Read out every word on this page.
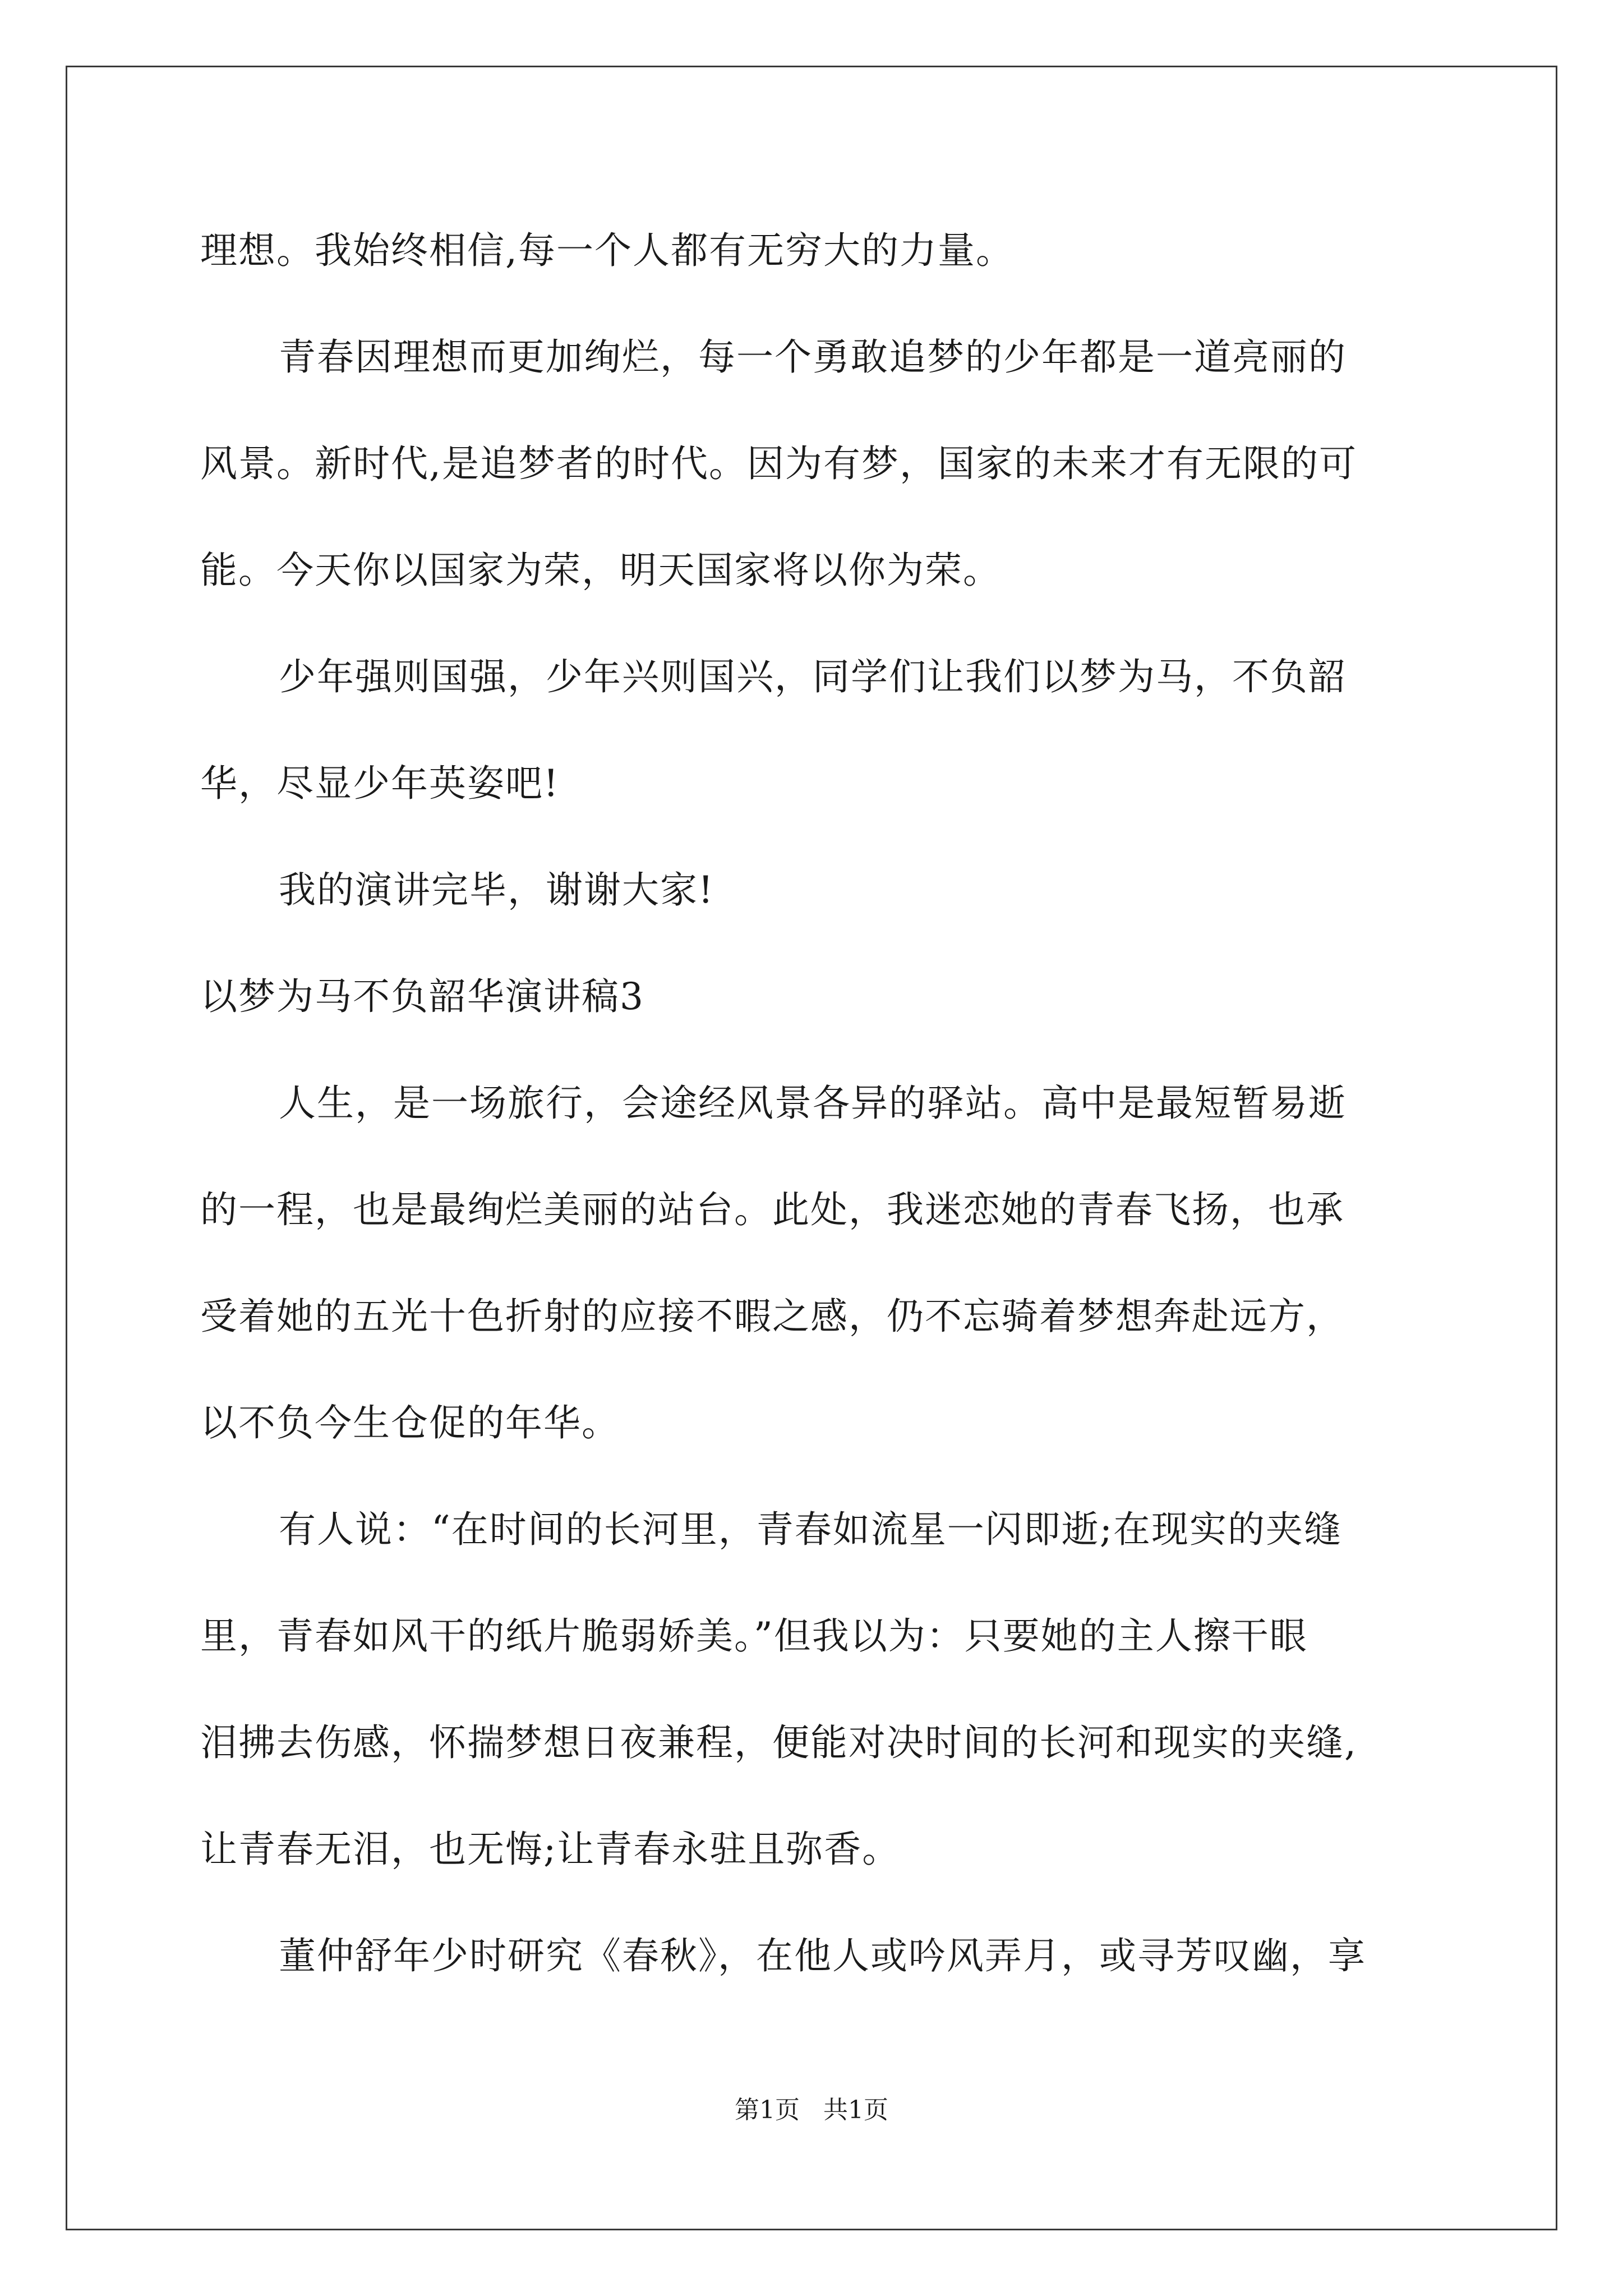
理想。我始终相信,每一个人都有无穷大的力量。

青春因理想而更加绚烂，每一个勇敢追梦的少年都是一道亮丽的

风景。新时代,是追梦者的时代。因为有梦，国家的未来才有无限的可

能。今天你以国家为荣，明天国家将以你为荣。

少年强则国强，少年兴则国兴，同学们让我们以梦为马，不负韶

华，尽显少年英姿吧!

我的演讲完毕，谢谢大家!

以梦为马不负韶华演讲稿3

人生，是一场旅行，会途经风景各异的驿站。高中是最短暂易逝

的一程，也是最绚烂美丽的站台。此处，我迷恋她的青春飞扬，也承

受着她的五光十色折射的应接不暇之感，仍不忘骑着梦想奔赴远方，

以不负今生仓促的年华。

有人说：“在时间的长河里，青春如流星一闪即逝;在现实的夹缝

里，青春如风干的纸片脆弱娇美。”但我以为：只要她的主人擦干眼

泪拂去伤感，怀揣梦想日夜兼程，便能对决时间的长河和现实的夹缝,

让青春无泪，也无悔;让青春永驻且弥香。

董仲舒年少时研究《春秋》，在他人或吟风弄月，或寻芳叹幽，享

第1页   共1页
